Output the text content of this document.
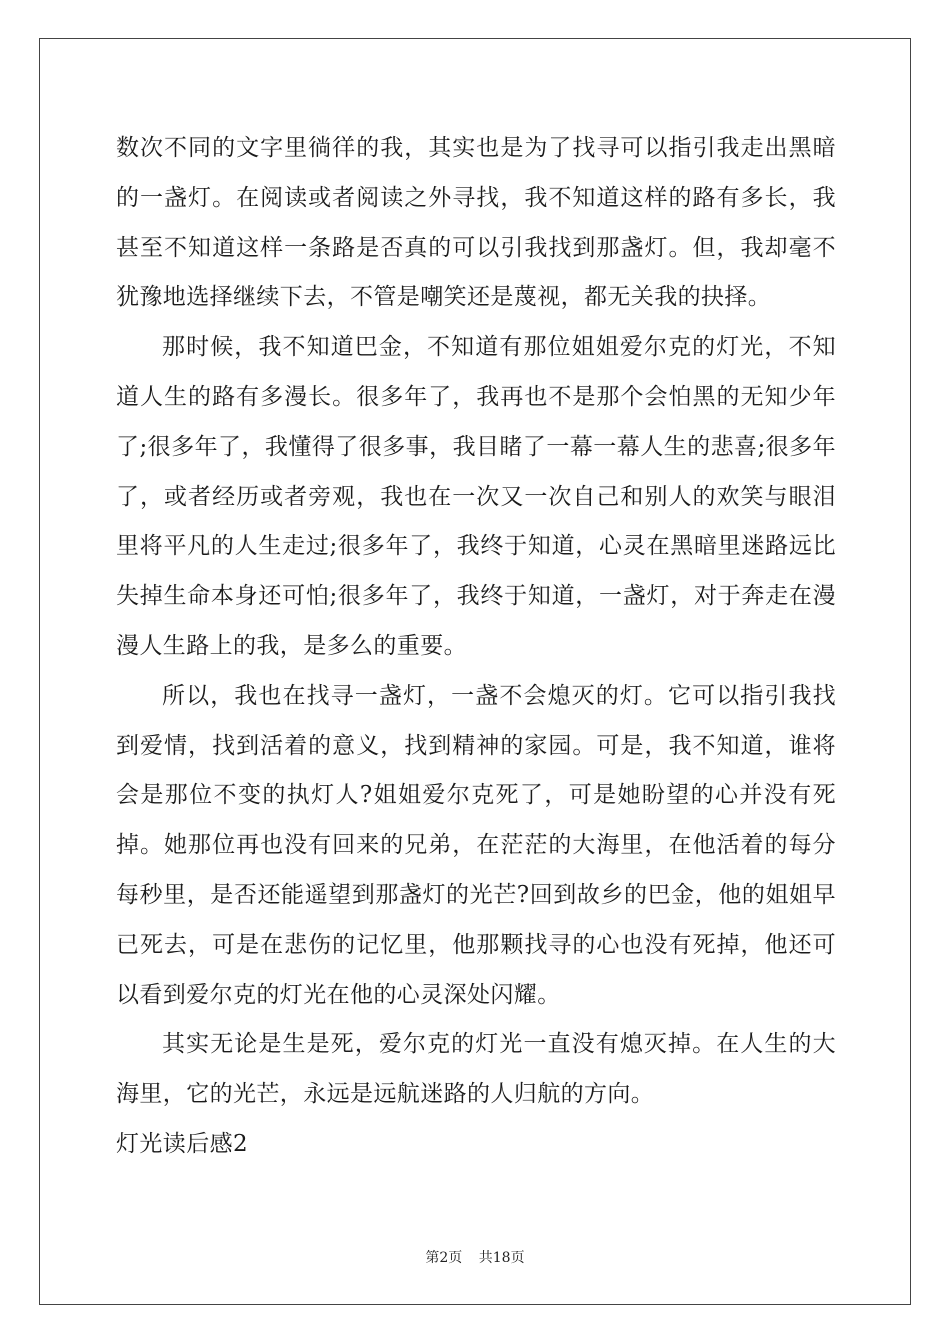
数次不同的文字里徜徉的我，其实也是为了找寻可以指引我走出黑暗的一盏灯。在阅读或者阅读之外寻找，我不知道这样的路有多长，我甚至不知道这样一条路是否真的可以引我找到那盏灯。但，我却毫不犹豫地选择继续下去，不管是嘲笑还是蔑视，都无关我的抉择。

那时候，我不知道巴金，不知道有那位姐姐爱尔克的灯光，不知道人生的路有多漫长。很多年了，我再也不是那个会怕黑的无知少年了;很多年了，我懂得了很多事，我目睹了一幕一幕人生的悲喜;很多年了，或者经历或者旁观，我也在一次又一次自己和别人的欢笑与眼泪里将平凡的人生走过;很多年了，我终于知道，心灵在黑暗里迷路远比失掉生命本身还可怕;很多年了，我终于知道，一盏灯，对于奔走在漫漫人生路上的我，是多么的重要。

所以，我也在找寻一盏灯，一盏不会熄灭的灯。它可以指引我找到爱情，找到活着的意义，找到精神的家园。可是，我不知道，谁将会是那位不变的执灯人?姐姐爱尔克死了，可是她盼望的心并没有死掉。她那位再也没有回来的兄弟，在茫茫的大海里，在他活着的每分每秒里，是否还能遥望到那盏灯的光芒?回到故乡的巴金，他的姐姐早已死去，可是在悲伤的记忆里，他那颗找寻的心也没有死掉，他还可以看到爱尔克的灯光在他的心灵深处闪耀。

其实无论是生是死，爱尔克的灯光一直没有熄灭掉。在人生的大海里，它的光芒，永远是远航迷路的人归航的方向。

灯光读后感2

第2页 共18页
